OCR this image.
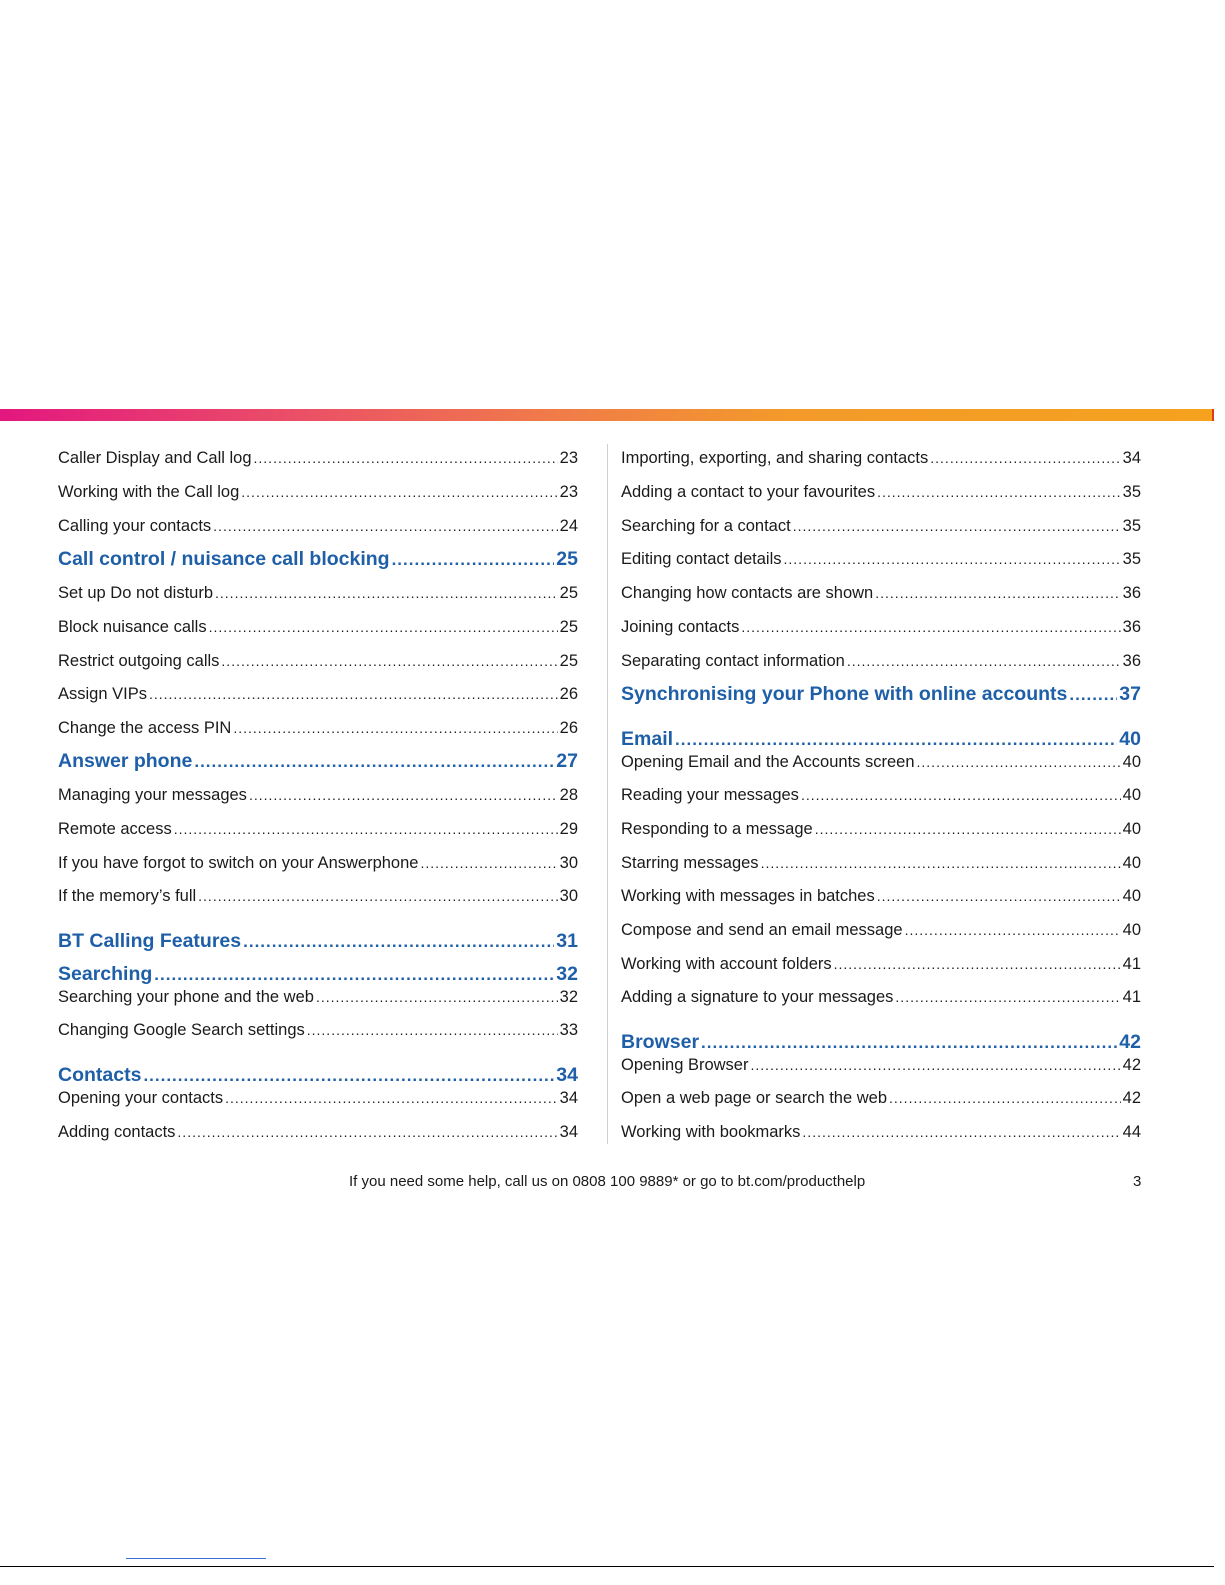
Caller Display and Call log .....	23
Working with the Call log .....	23
Calling your contacts .....	24
Call control / nuisance call blocking .....	25
Set up Do not disturb .....	25
Block nuisance calls .....	25
Restrict outgoing calls .....	25
Assign VIPs .....	26
Change the access PIN .....	26
Answer phone .....	27
Managing your messages .....	28
Remote access .....	29
If you have forgot to switch on your Answerphone .....	30
If the memory’s full .....	30
BT Calling Features .....	31
Searching .....	32
Searching your phone and the web .....	32
Changing Google Search settings .....	33
Contacts .....	34
Opening your contacts .....	34
Adding contacts .....	34
Importing, exporting, and sharing contacts .....	34
Adding a contact to your favourites .....	35
Searching for a contact .....	35
Editing contact details .....	35
Changing how contacts are shown .....	36
Joining contacts .....	36
Separating contact information .....	36
Synchronising your Phone with online accounts .....	37
Email .....	40
Opening Email and the Accounts screen .....	40
Reading your messages .....	40
Responding to a message .....	40
Starring messages .....	40
Working with messages in batches .....	40
Compose and send an email message .....	40
Working with account folders .....	41
Adding a signature to your messages .....	41
Browser .....	42
Opening Browser .....	42
Open a web page or search the web .....	42
Working with bookmarks .....	44
If you need some help, call us on 0808 100 9889* or go to bt.com/producthelp	3
